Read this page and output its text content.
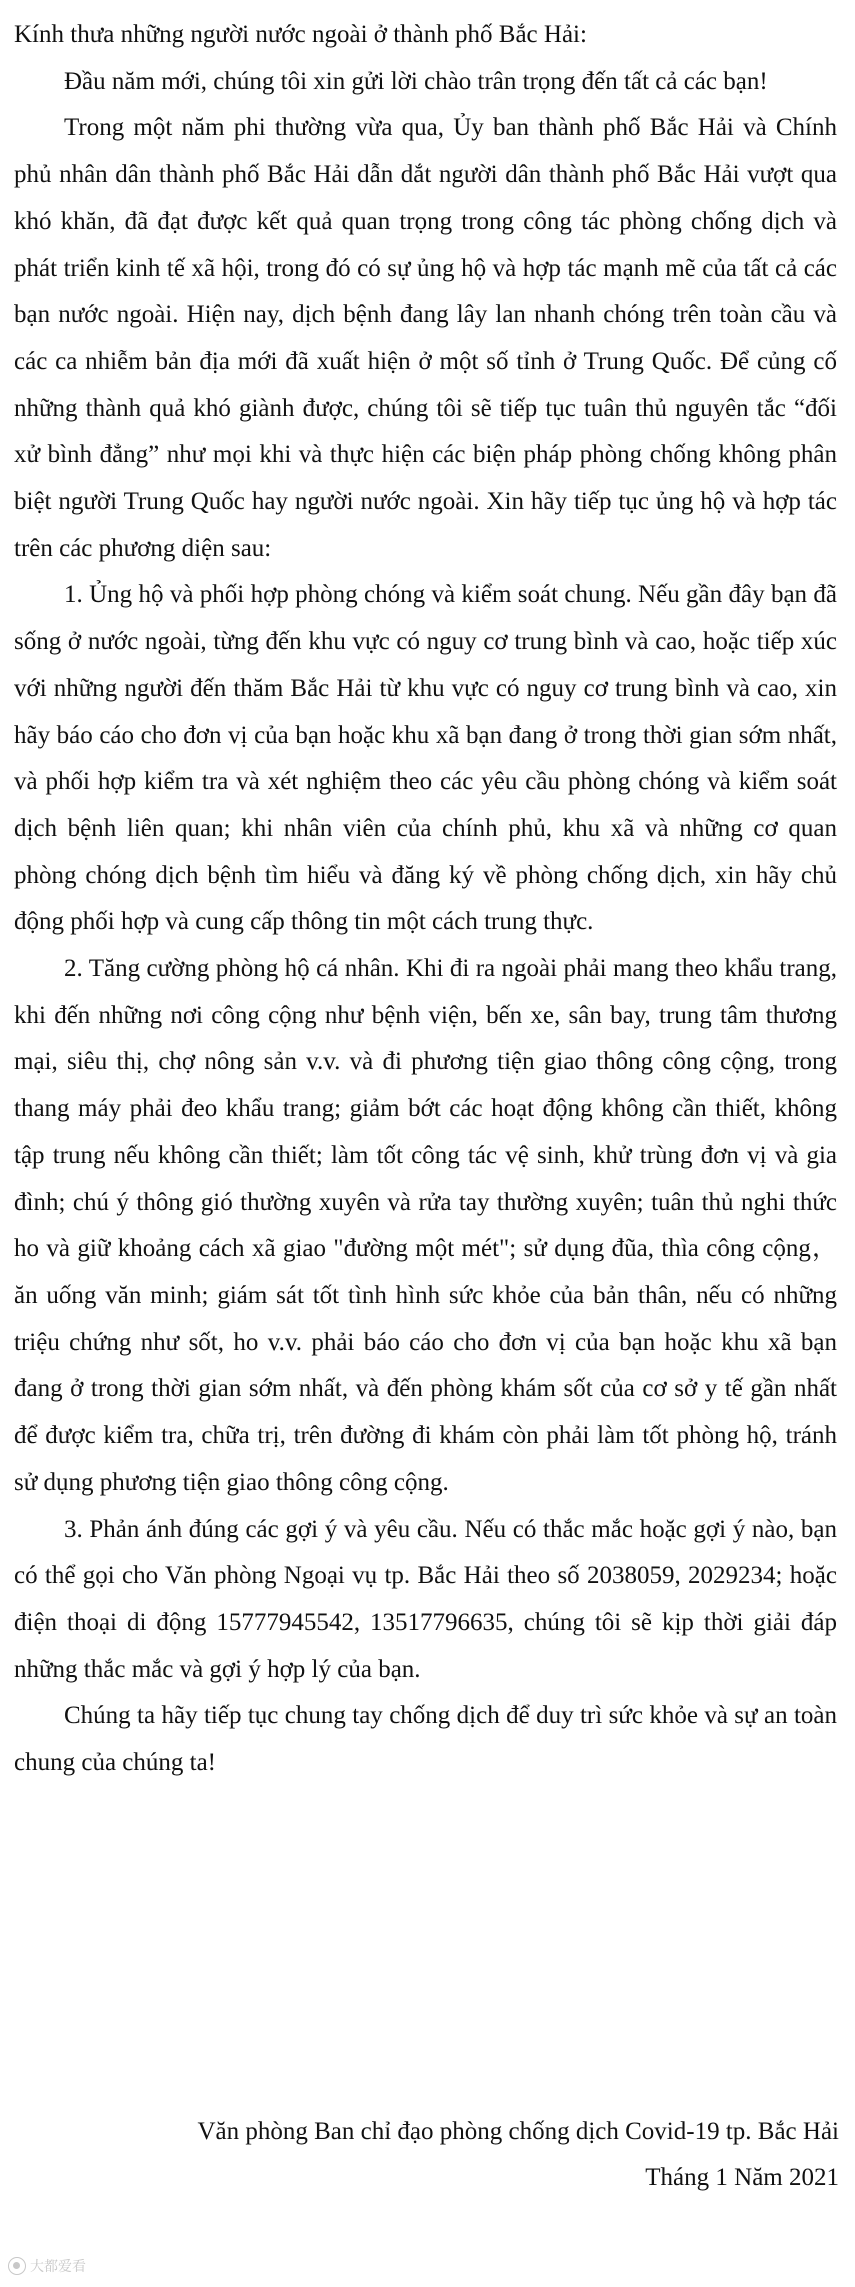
Kính thưa những người nước ngoài ở thành phố Bắc Hải:

Đầu năm mới, chúng tôi xin gửi lời chào trân trọng đến tất cả các bạn!

Trong một năm phi thường vừa qua, Ủy ban thành phố Bắc Hải và Chính phủ nhân dân thành phố Bắc Hải dẫn dắt người dân thành phố Bắc Hải vượt qua khó khăn, đã đạt được kết quả quan trọng trong công tác phòng chống dịch và phát triển kinh tế xã hội, trong đó có sự ủng hộ và hợp tác mạnh mẽ của tất cả các bạn nước ngoài. Hiện nay, dịch bệnh đang lây lan nhanh chóng trên toàn cầu và các ca nhiễm bản địa mới đã xuất hiện ở một số tỉnh ở Trung Quốc. Để củng cố những thành quả khó giành được, chúng tôi sẽ tiếp tục tuân thủ nguyên tắc “đối xử bình đẳng” như mọi khi và thực hiện các biện pháp phòng chống không phân biệt người Trung Quốc hay người nước ngoài. Xin hãy tiếp tục ủng hộ và hợp tác trên các phương diện sau:

1. Ủng hộ và phối hợp phòng chóng và kiểm soát chung. Nếu gần đây bạn đã sống ở nước ngoài, từng đến khu vực có nguy cơ trung bình và cao, hoặc tiếp xúc với những người đến thăm Bắc Hải từ khu vực có nguy cơ trung bình và cao, xin hãy báo cáo cho đơn vị của bạn hoặc khu xã bạn đang ở trong thời gian sớm nhất, và phối hợp kiểm tra và xét nghiệm theo các yêu cầu phòng chóng và kiểm soát dịch bệnh liên quan; khi nhân viên của chính phủ, khu xã và những cơ quan phòng chóng dịch bệnh tìm hiểu và đăng ký về phòng chống dịch, xin hãy chủ động phối hợp và cung cấp thông tin một cách trung thực.

2. Tăng cường phòng hộ cá nhân. Khi đi ra ngoài phải mang theo khẩu trang, khi đến những nơi công cộng như bệnh viện, bến xe, sân bay, trung tâm thương mại, siêu thị, chợ nông sản v.v. và đi phương tiện giao thông công cộng, trong thang máy phải đeo khẩu trang; giảm bớt các hoạt động không cần thiết, không tập trung nếu không cần thiết; làm tốt công tác vệ sinh, khử trùng đơn vị và gia đình; chú ý thông gió thường xuyên và rửa tay thường xuyên; tuân thủ nghi thức ho và giữ khoảng cách xã giao "đường một mét"; sử dụng đũa, thìa công cộng， ăn uống văn minh; giám sát tốt tình hình sức khỏe của bản thân, nếu có những triệu chứng như sốt, ho v.v. phải báo cáo cho đơn vị của bạn hoặc khu xã bạn đang ở trong thời gian sớm nhất, và đến phòng khám sốt của cơ sở y tế gần nhất để được kiểm tra, chữa trị, trên đường đi khám còn phải làm tốt phòng hộ, tránh sử dụng phương tiện giao thông công cộng.

3. Phản ánh đúng các gợi ý và yêu cầu. Nếu có thắc mắc hoặc gợi ý nào, bạn có thể gọi cho Văn phòng Ngoại vụ tp. Bắc Hải theo số 2038059, 2029234; hoặc điện thoại di động 15777945542, 13517796635, chúng tôi sẽ kịp thời giải đáp những thắc mắc và gợi ý hợp lý của bạn.

Chúng ta hãy tiếp tục chung tay chống dịch để duy trì sức khỏe và sự an toàn chung của chúng ta!

Văn phòng Ban chỉ đạo phòng chống dịch Covid-19 tp. Bắc Hải
Tháng 1 Năm 2021
大都爱看
